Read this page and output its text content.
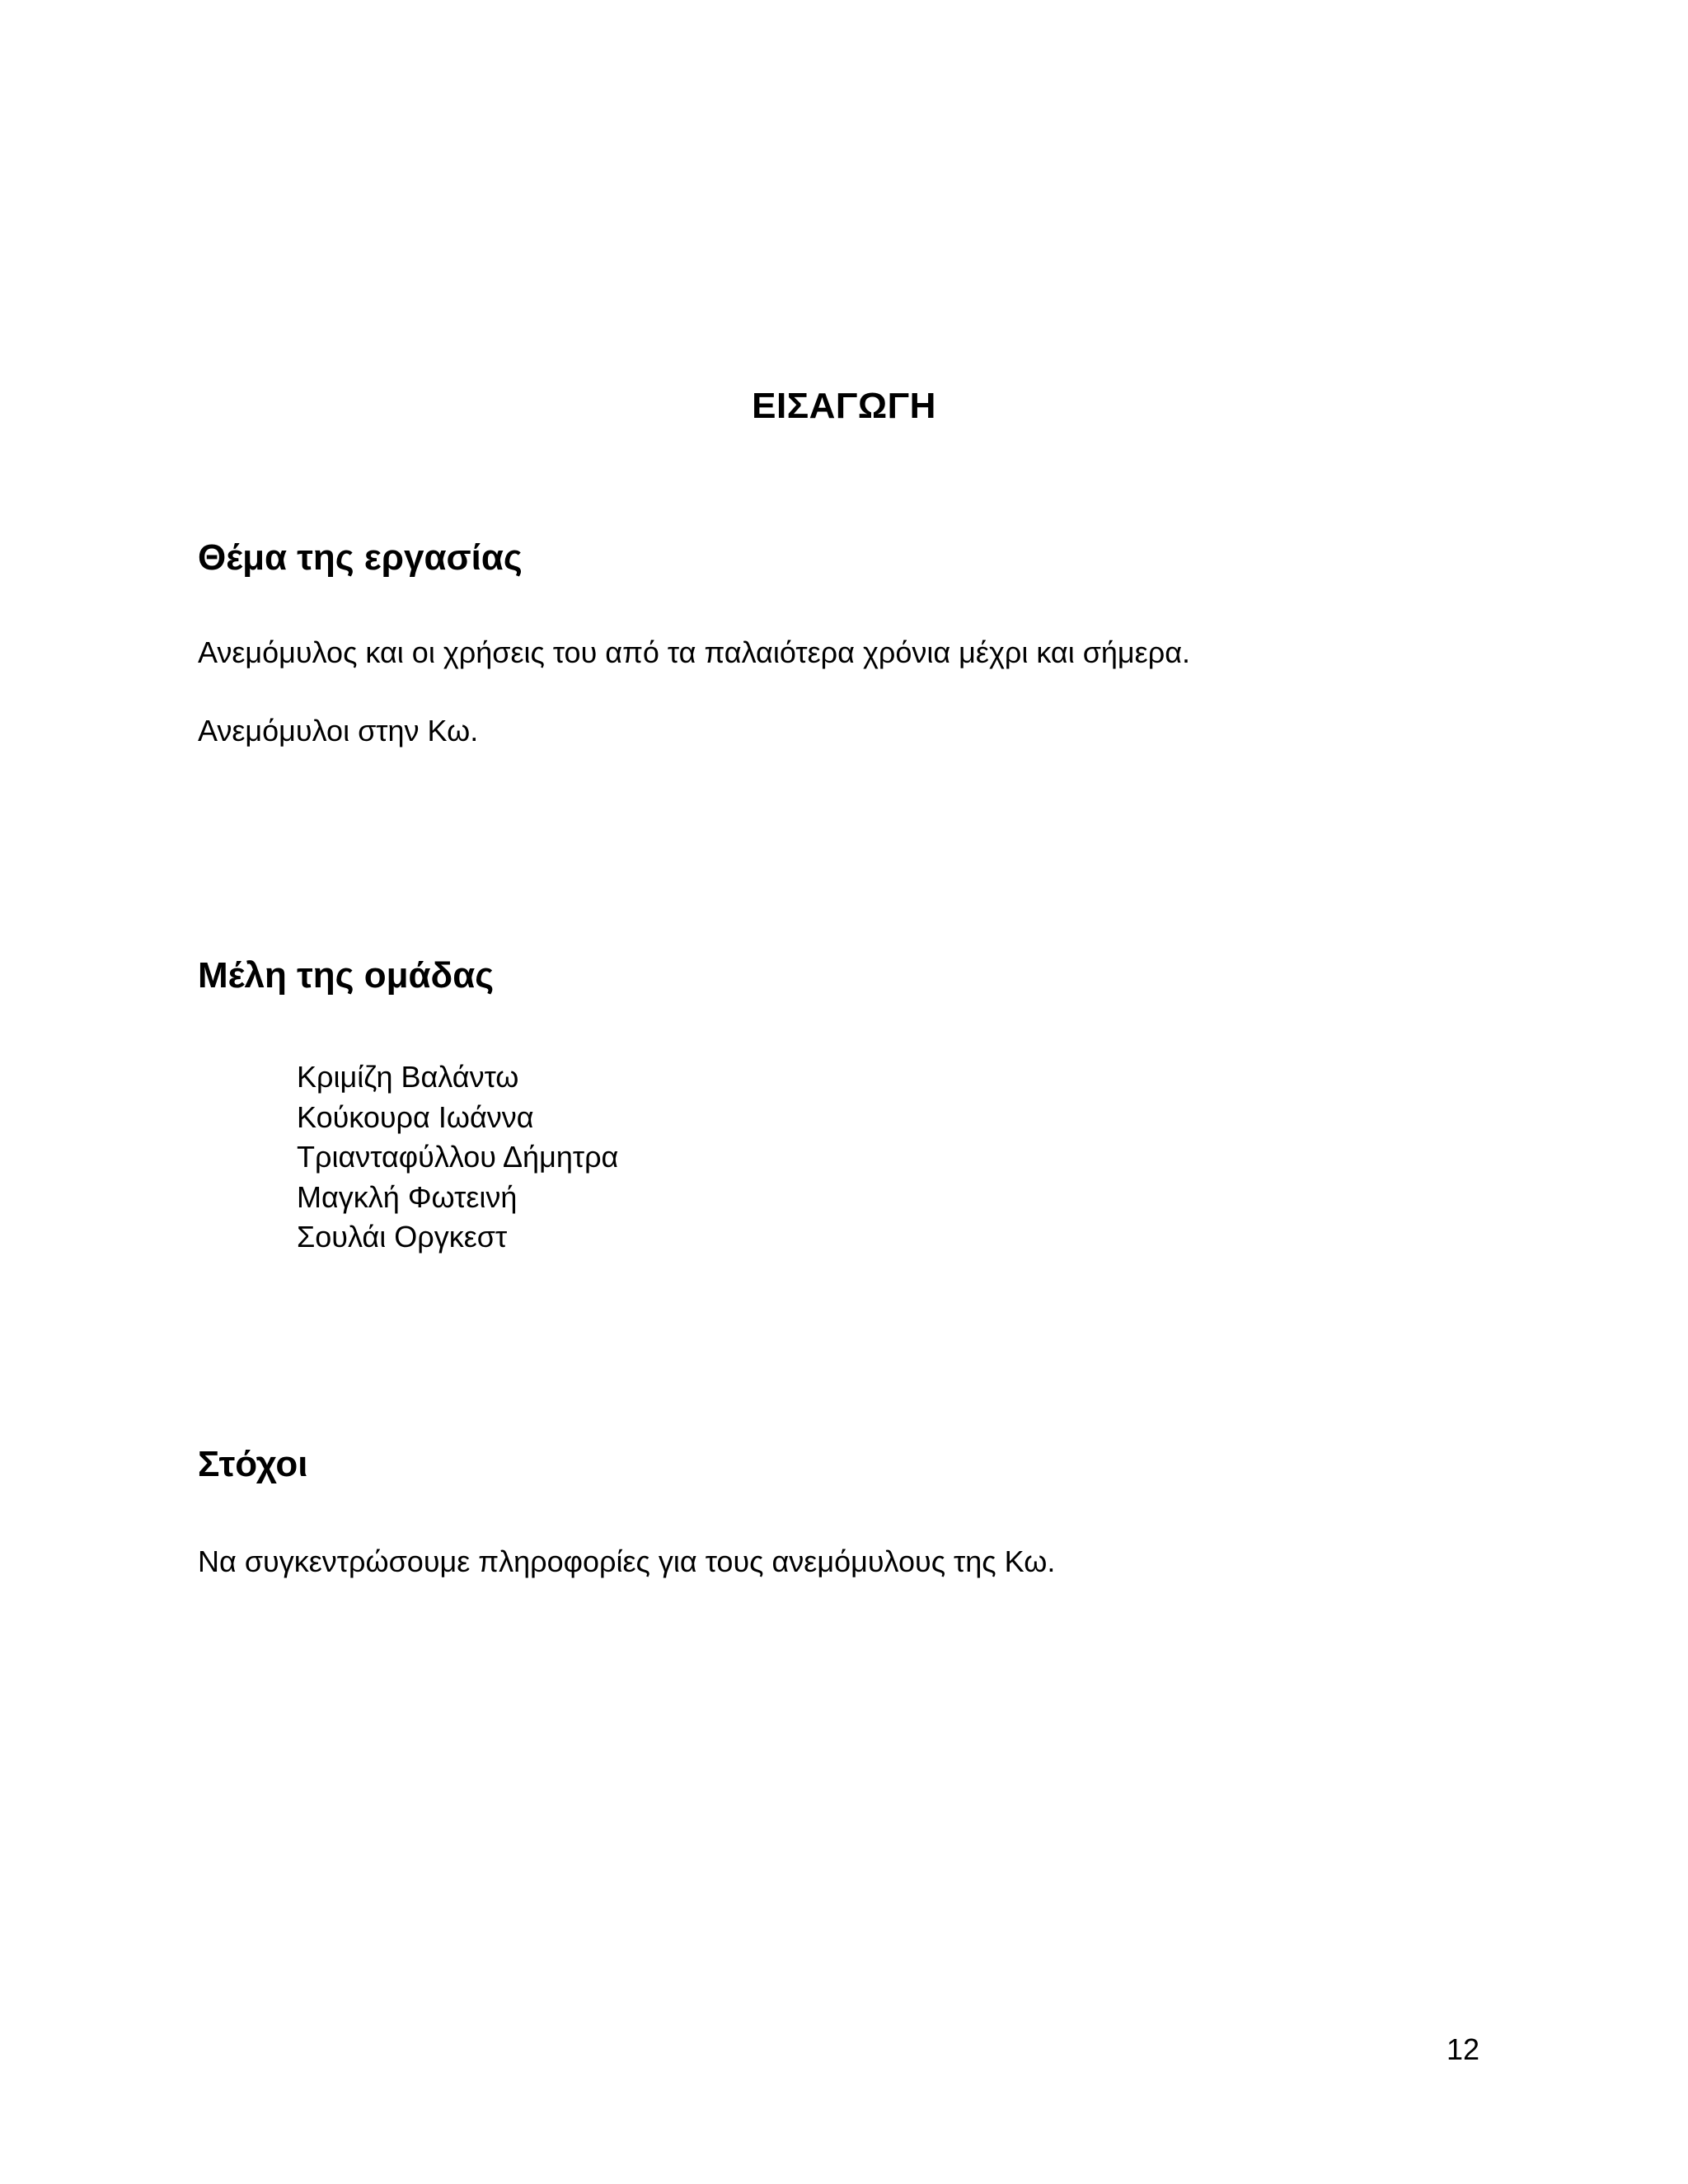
ΕΙΣΑΓΩΓΗ
Θέμα της εργασίας

Ανεμόμυλος και οι χρήσεις του από τα παλαιότερα χρόνια μέχρι και σήμερα.

Ανεμόμυλοι στην Κω.

Μέλη της ομάδας
Κριμίζη Βαλάντω
Κούκουρα Ιωάννα
Τριανταφύλλου Δήμητρα
Μαγκλή Φωτεινή
Σουλάι Οργκεστ
Στόχοι

Να συγκεντρώσουμε πληροφορίες για τους ανεμόμυλους της Κω.

12
